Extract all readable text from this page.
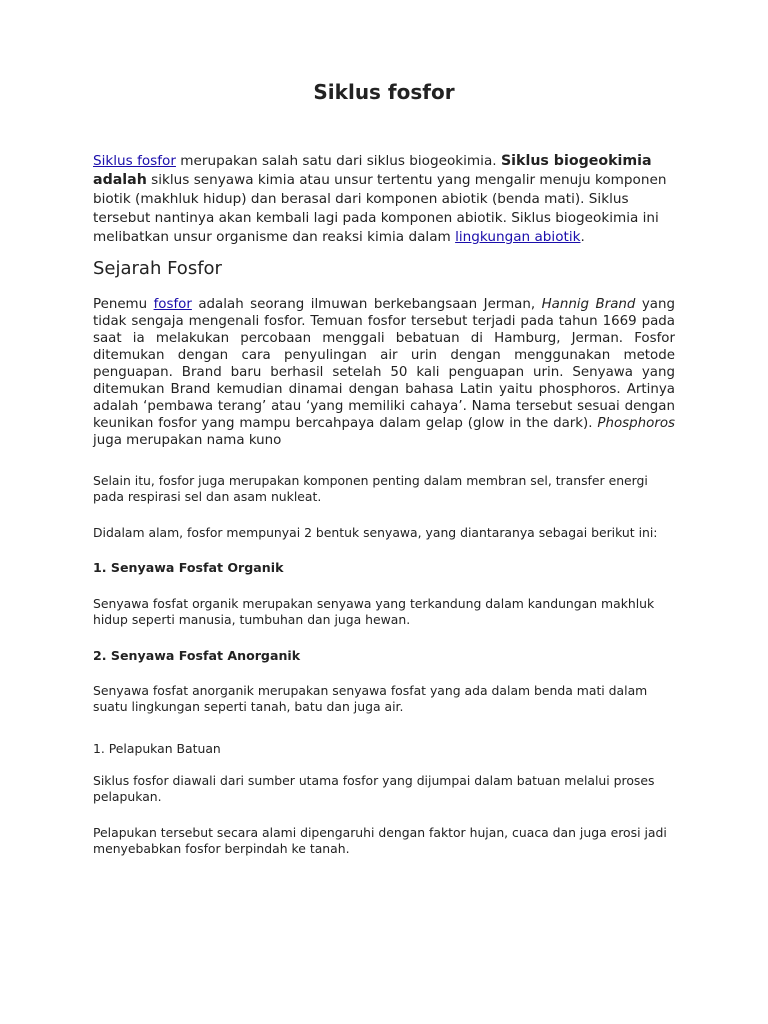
Siklus fosfor

Siklus fosfor merupakan salah satu dari siklus biogeokimia. Siklus biogeokimia adalah siklus senyawa kimia atau unsur tertentu yang mengalir menuju komponen biotik (makhluk hidup) dan berasal dari komponen abiotik (benda mati). Siklus tersebut nantinya akan kembali lagi pada komponen abiotik. Siklus biogeokimia ini melibatkan unsur organisme dan reaksi kimia dalam lingkungan abiotik.

Sejarah Fosfor

Penemu fosfor adalah seorang ilmuwan berkebangsaan Jerman, Hannig Brand yang tidak sengaja mengenali fosfor. Temuan fosfor tersebut terjadi pada tahun 1669 pada saat ia melakukan percobaan menggali bebatuan di Hamburg, Jerman. Fosfor ditemukan dengan cara penyulingan air urin dengan menggunakan metode penguapan. Brand baru berhasil setelah 50 kali penguapan urin. Senyawa yang ditemukan Brand kemudian dinamai dengan bahasa Latin yaitu phosphoros. Artinya adalah ‘pembawa terang’ atau ‘yang memiliki cahaya’. Nama tersebut sesuai dengan keunikan fosfor yang mampu bercahpaya dalam gelap (glow in the dark). Phosphoros juga merupakan nama kuno

Selain itu, fosfor juga merupakan komponen penting dalam membran sel, transfer energi pada respirasi sel dan asam nukleat.

Didalam alam, fosfor mempunyai 2 bentuk senyawa, yang diantaranya sebagai berikut ini:

1. Senyawa Fosfat Organik

Senyawa fosfat organik merupakan senyawa yang terkandung dalam kandungan makhluk hidup seperti manusia, tumbuhan dan juga hewan.

2. Senyawa Fosfat Anorganik

Senyawa fosfat anorganik merupakan senyawa fosfat yang ada dalam benda mati dalam suatu lingkungan seperti tanah, batu dan juga air.

1. Pelapukan Batuan

Siklus fosfor diawali dari sumber utama fosfor yang dijumpai dalam batuan melalui proses pelapukan.

Pelapukan tersebut secara alami dipengaruhi dengan faktor hujan, cuaca dan juga erosi jadi menyebabkan fosfor berpindah ke tanah.
